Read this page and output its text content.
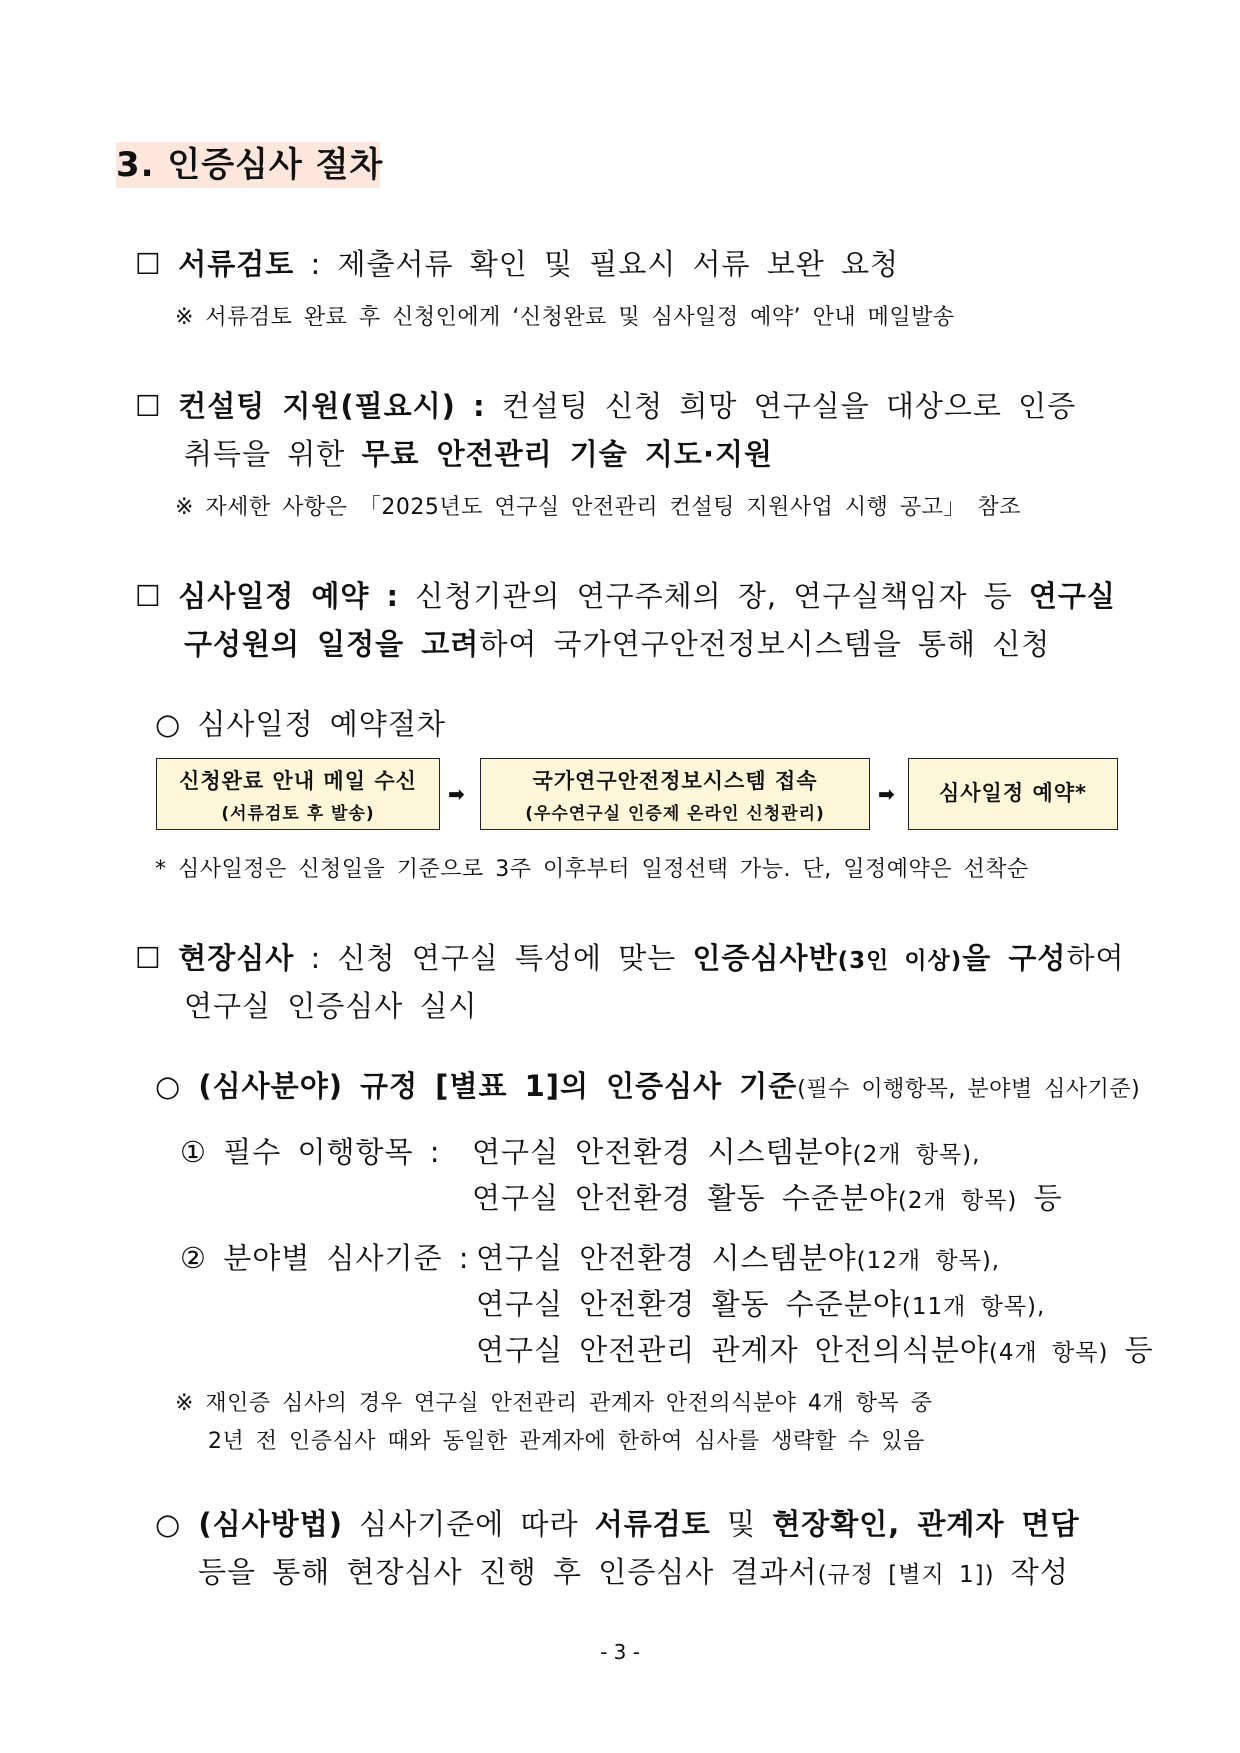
3. 인증심사 절차
☐ 서류검토 : 제출서류 확인 및 필요시 서류 보완 요청
※ 서류검토 완료 후 신청인에게 ‘신청완료 및 심사일정 예약’ 안내 메일발송
☐ 컨설팅 지원(필요시) : 컨설팅 신청 희망 연구실을 대상으로 인증
취득을 위한 무료 안전관리 기술 지도·지원
※ 자세한 사항은 「2025년도 연구실 안전관리 컨설팅 지원사업 시행 공고」 참조
☐ 심사일정 예약 : 신청기관의 연구주체의 장, 연구실책임자 등 연구실
구성원의 일정을 고려하여 국가연구안전정보시스템을 통해 신청
○ 심사일정 예약절차
신청완료 안내 메일 수신
(서류검토 후 발송)
➡
국가연구안전정보시스템 접속
(우수연구실 인증제 온라인 신청관리)
➡	심사일정 예약*
* 심사일정은 신청일을 기준으로 3주 이후부터 일정선택 가능. 단, 일정예약은 선착순
☐ 현장심사 : 신청 연구실 특성에 맞는 인증심사반(3인 이상)을 구성하여
연구실 인증심사 실시
○ (심사분야) 규정 [별표 1]의 인증심사 기준(필수 이행항목, 분야별 심사기준)
① 필수 이행항목 : 연구실 안전환경 시스템분야(2개 항목),
연구실 안전환경 활동 수준분야(2개 항목) 등
② 분야별 심사기준 : 연구실 안전환경 시스템분야(12개 항목),
연구실 안전환경 활동 수준분야(11개 항목),
연구실 안전관리 관계자 안전의식분야(4개 항목) 등
※ 재인증 심사의 경우 연구실 안전관리 관계자 안전의식분야 4개 항목 중
2년 전 인증심사 때와 동일한 관계자에 한하여 심사를 생략할 수 있음
○ (심사방법) 심사기준에 따라 서류검토 및 현장확인, 관계자 면담
등을 통해 현장심사 진행 후 인증심사 결과서(규정 [별지 1]) 작성
- 3 -
